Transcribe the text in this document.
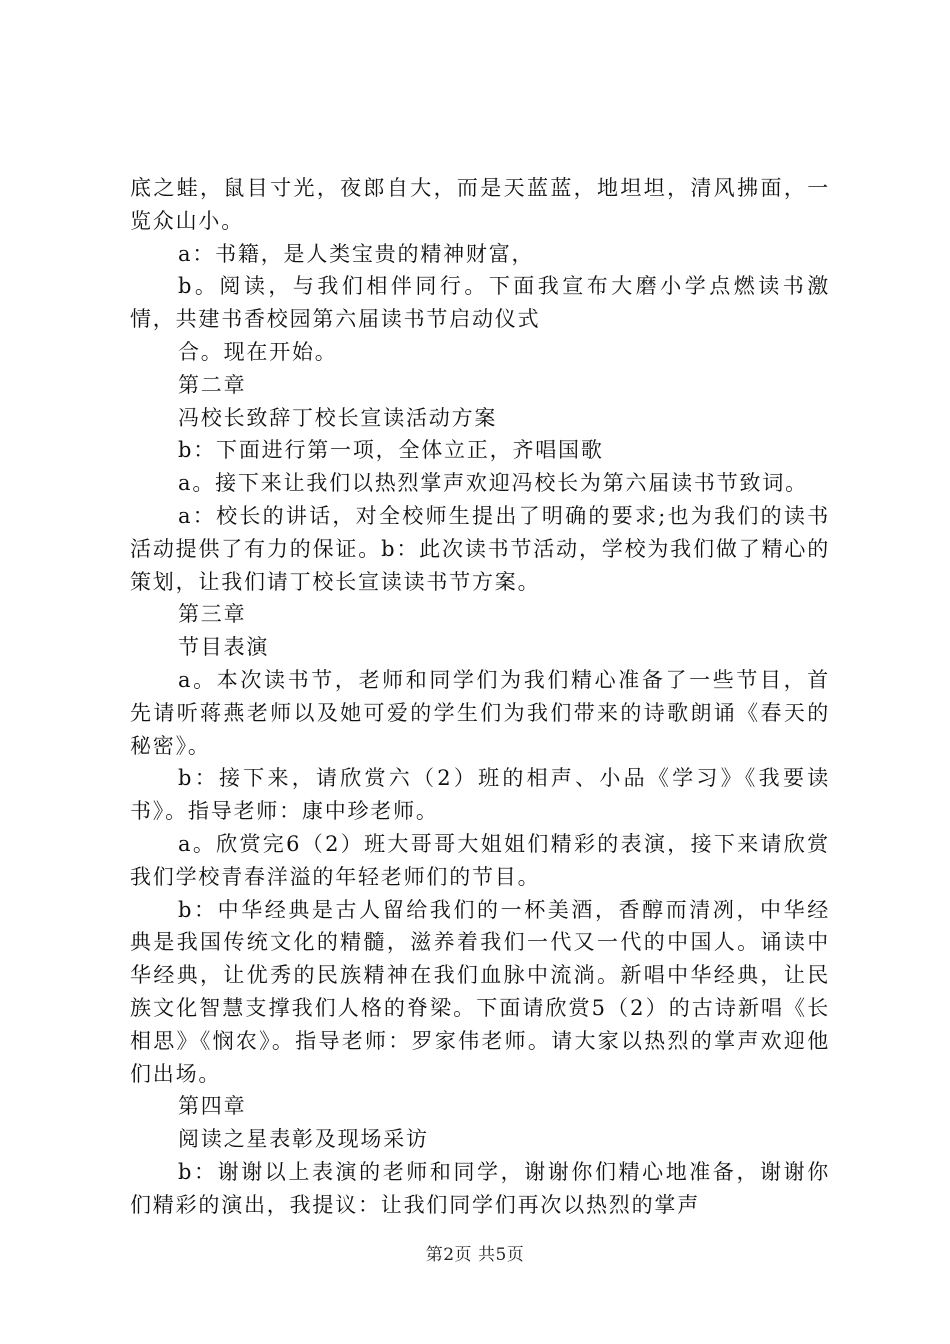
底之蛙，鼠目寸光，夜郎自大，而是天蓝蓝，地坦坦，清风拂面，一览众山小。

a：书籍，是人类宝贵的精神财富，

b。阅读，与我们相伴同行。下面我宣布大磨小学点燃读书激情，共建书香校园第六届读书节启动仪式

合。现在开始。

第二章

冯校长致辞丁校长宣读活动方案

b：下面进行第一项，全体立正，齐唱国歌

a。接下来让我们以热烈掌声欢迎冯校长为第六届读书节致词。

a：校长的讲话，对全校师生提出了明确的要求;也为我们的读书活动提供了有力的保证。b：此次读书节活动，学校为我们做了精心的策划，让我们请丁校长宣读读书节方案。

第三章

节目表演

a。本次读书节，老师和同学们为我们精心准备了一些节目，首先请听蒋燕老师以及她可爱的学生们为我们带来的诗歌朗诵《春天的秘密》。

b：接下来，请欣赏六（2）班的相声、小品《学习》《我要读书》。指导老师：康中珍老师。

a。欣赏完6（2）班大哥哥大姐姐们精彩的表演，接下来请欣赏我们学校青春洋溢的年轻老师们的节目。

b：中华经典是古人留给我们的一杯美酒，香醇而清冽，中华经典是我国传统文化的精髓，滋养着我们一代又一代的中国人。诵读中华经典，让优秀的民族精神在我们血脉中流淌。新唱中华经典，让民族文化智慧支撑我们人格的脊梁。下面请欣赏5（2）的古诗新唱《长相思》《悯农》。指导老师：罗家伟老师。请大家以热烈的掌声欢迎他们出场。

第四章

阅读之星表彰及现场采访

b：谢谢以上表演的老师和同学，谢谢你们精心地准备，谢谢你们精彩的演出，我提议：让我们同学们再次以热烈的掌声

第2页 共5页
